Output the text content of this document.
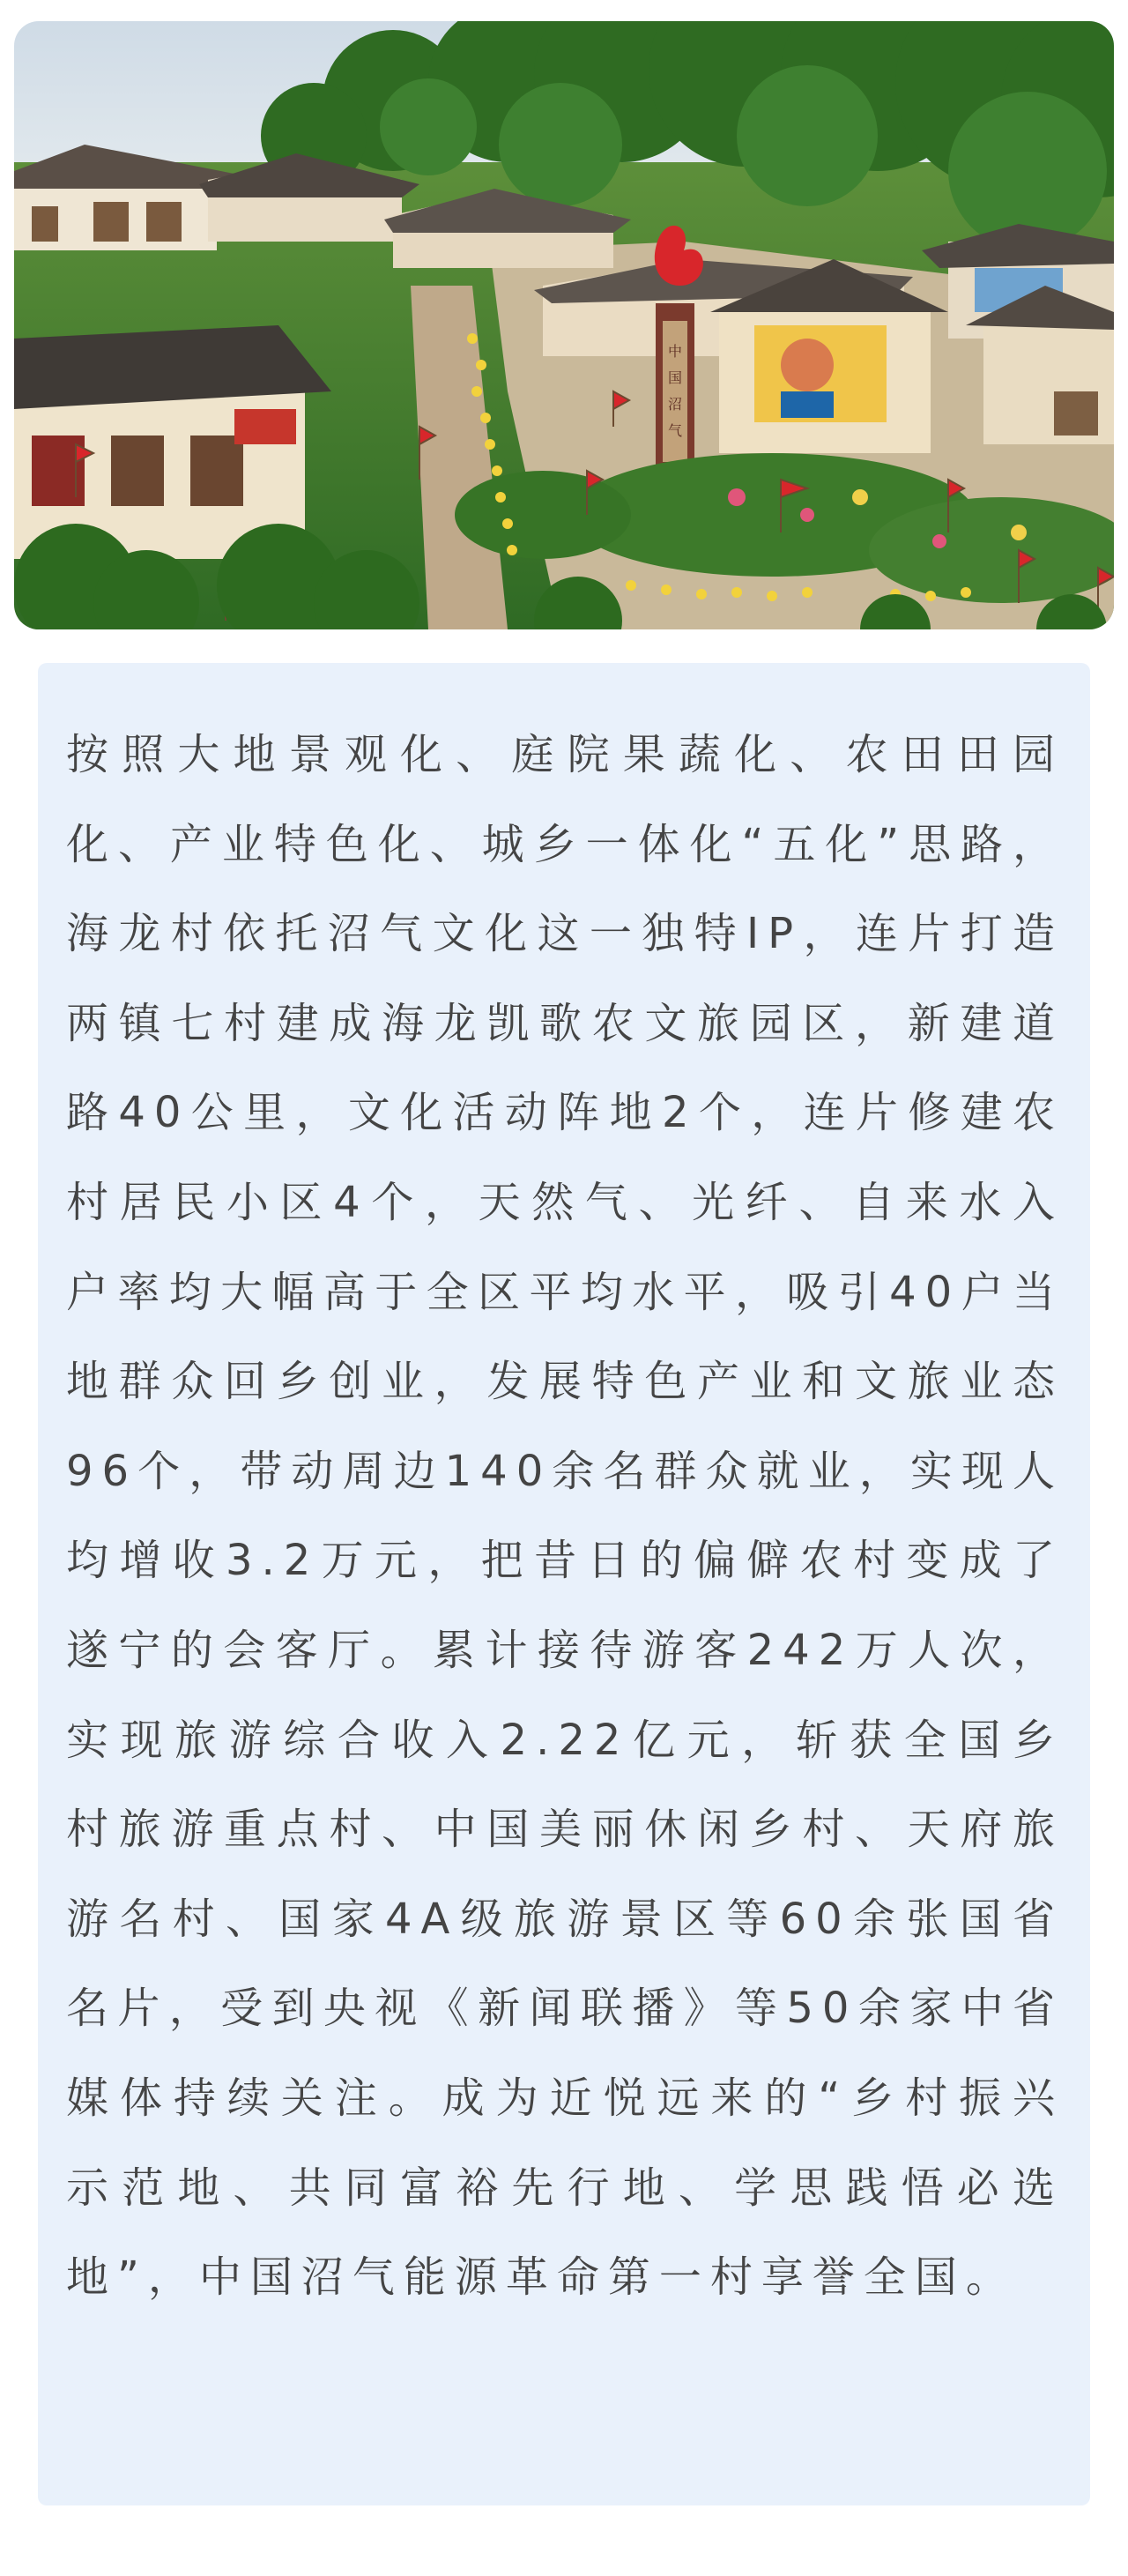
中国沼气

按照大地景观化、庭院果蔬化、农田田园化、产业特色化、城乡一体化“五化”思路，海龙村依托沼气文化这一独特IP，连片打造两镇七村建成海龙凯歌农文旅园区，新建道路40公里，文化活动阵地2个，连片修建农村居民小区4个，天然气、光纤、自来水入户率均大幅高于全区平均水平，吸引40户当地群众回乡创业，发展特色产业和文旅业态96个，带动周边140余名群众就业，实现人均增收3.2万元，把昔日的偏僻农村变成了遂宁的会客厅。累计接待游客242万人次，实现旅游综合收入2.22亿元，斩获全国乡村旅游重点村、中国美丽休闲乡村、天府旅游名村、国家4A级旅游景区等60余张国省名片，受到央视《新闻联播》等50余家中省媒体持续关注。成为近悦远来的“乡村振兴示范地、共同富裕先行地、学思践悟必选地”，中国沼气能源革命第一村享誉全国。
